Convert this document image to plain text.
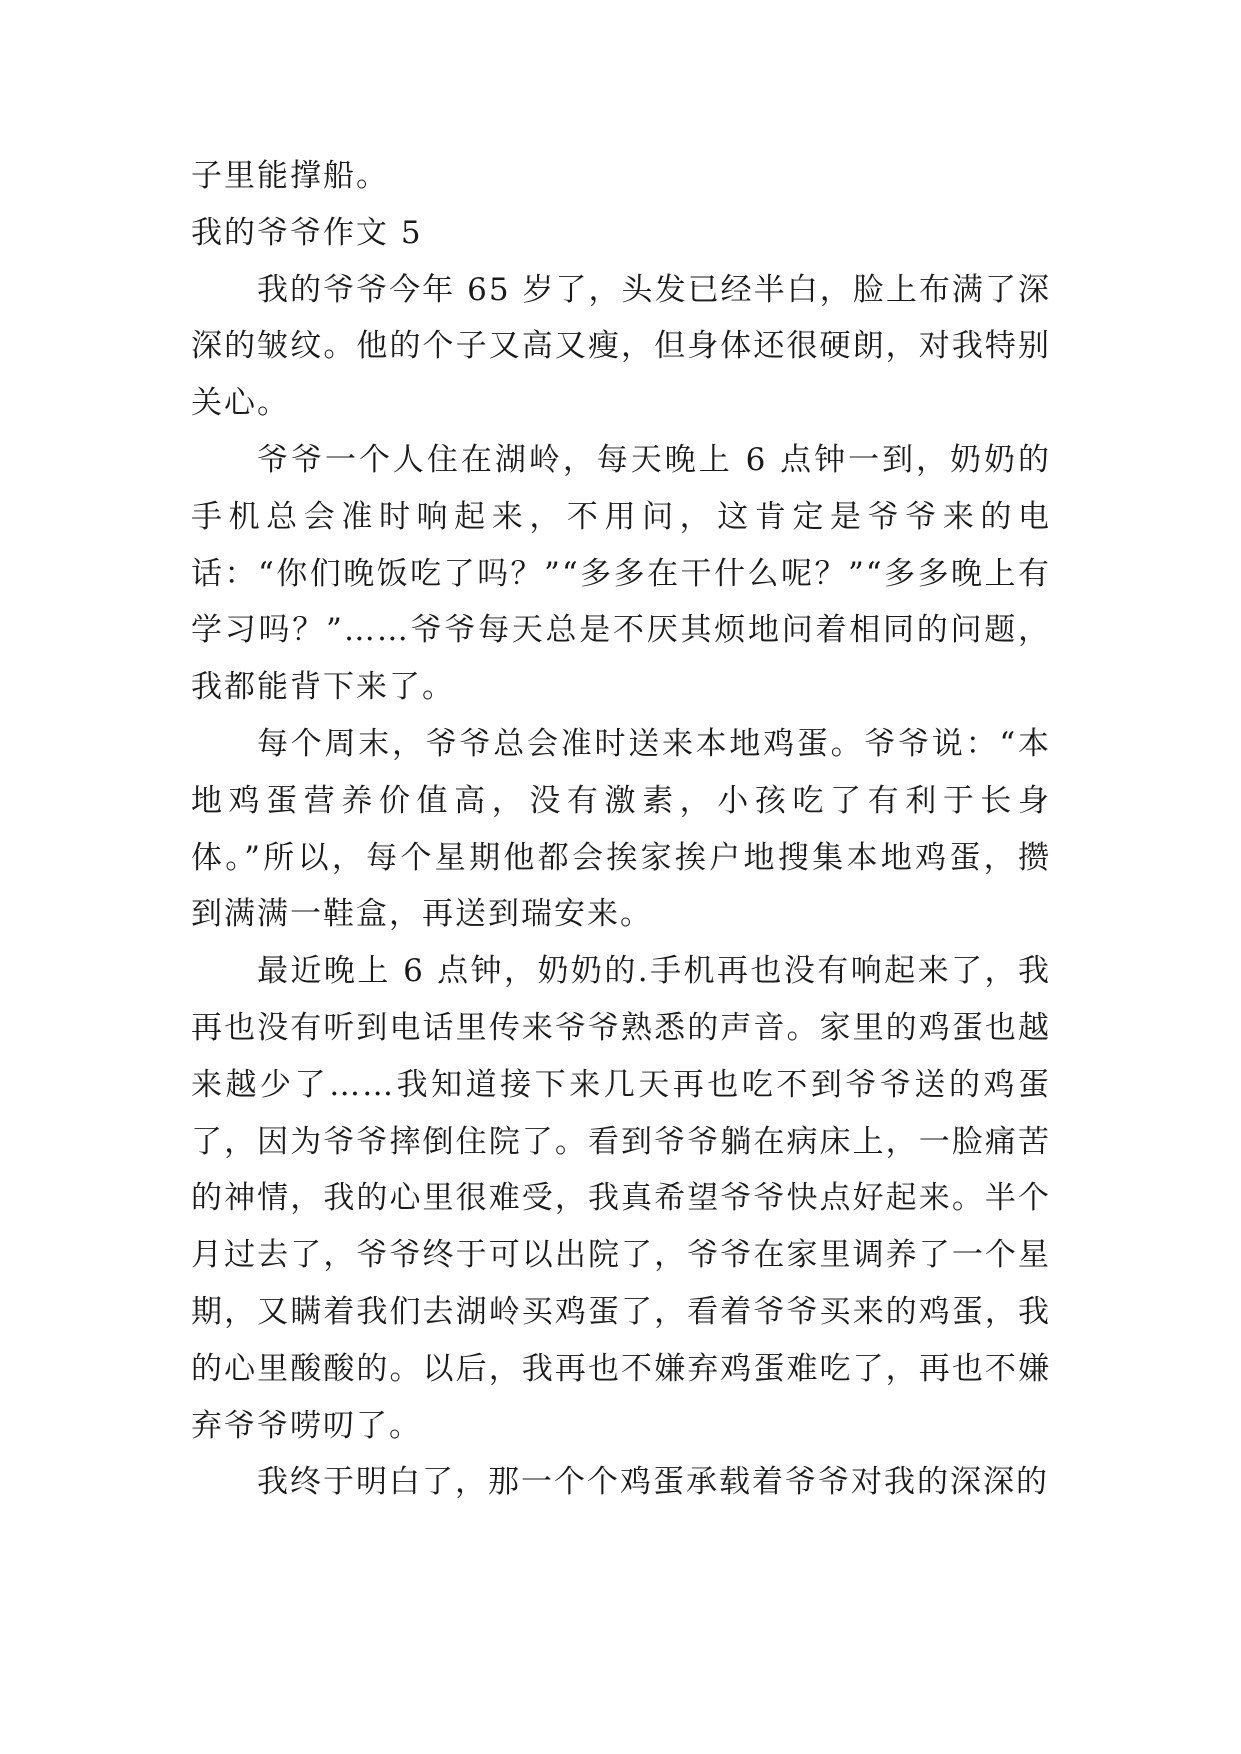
子里能撑船。

我的爷爷作文 5

我的爷爷今年 65 岁了，头发已经半白，脸上布满了深深的皱纹。他的个子又高又瘦，但身体还很硬朗，对我特别关心。

爷爷一个人住在湖岭，每天晚上 6 点钟一到，奶奶的手机总会准时响起来，不用问，这肯定是爷爷来的电话：“你们晚饭吃了吗？”“多多在干什么呢？”“多多晚上有学习吗？”……爷爷每天总是不厌其烦地问着相同的问题，我都能背下来了。

每个周末，爷爷总会准时送来本地鸡蛋。爷爷说：“本地鸡蛋营养价值高，没有激素，小孩吃了有利于长身体。”所以，每个星期他都会挨家挨户地搜集本地鸡蛋，攒到满满一鞋盒，再送到瑞安来。

最近晚上 6 点钟，奶奶的.手机再也没有响起来了，我再也没有听到电话里传来爷爷熟悉的声音。家里的鸡蛋也越来越少了……我知道接下来几天再也吃不到爷爷送的鸡蛋了，因为爷爷摔倒住院了。看到爷爷躺在病床上，一脸痛苦的神情，我的心里很难受，我真希望爷爷快点好起来。半个月过去了，爷爷终于可以出院了，爷爷在家里调养了一个星期，又瞒着我们去湖岭买鸡蛋了，看着爷爷买来的鸡蛋，我的心里酸酸的。以后，我再也不嫌弃鸡蛋难吃了，再也不嫌弃爷爷唠叨了。

我终于明白了，那一个个鸡蛋承载着爷爷对我的深深的
